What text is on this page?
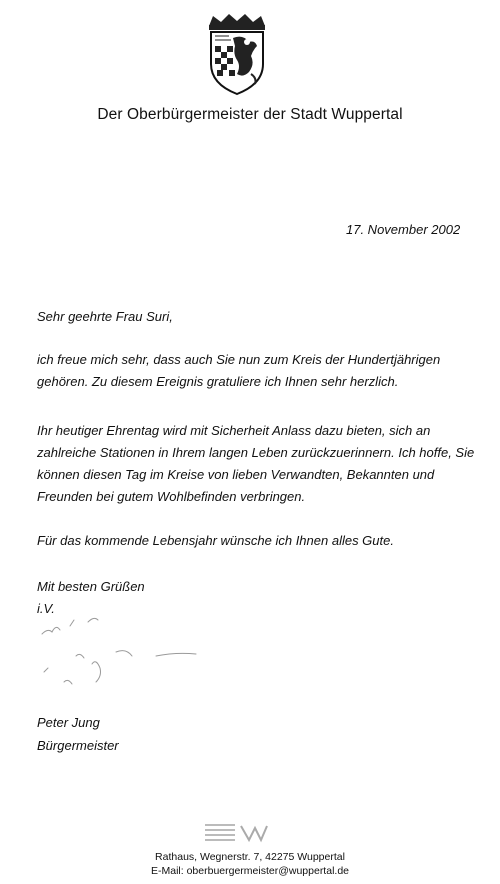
Der Oberbürgermeister der Stadt Wuppertal
17. November 2002
Sehr geehrte Frau Suri,
ich freue mich sehr, dass auch Sie nun zum Kreis der Hundertjährigen gehören. Zu diesem Ereignis gratuliere ich Ihnen sehr herzlich.
Ihr heutiger Ehrentag wird mit Sicherheit Anlass dazu bieten, sich an zahlreiche Stationen in Ihrem langen Leben zurückzuerinnern. Ich hoffe, Sie können diesen Tag im Kreise von lieben Verwandten, Bekannten und Freunden bei gutem Wohlbefinden verbringen.
Für das kommende Lebensjahr wünsche ich Ihnen alles Gute.
Mit besten Grüßen
i.V.
Peter Jung
Bürgermeister
Rathaus, Wegnerstr. 7, 42275 Wuppertal
E-Mail: oberbuergermeister@wuppertal.de
